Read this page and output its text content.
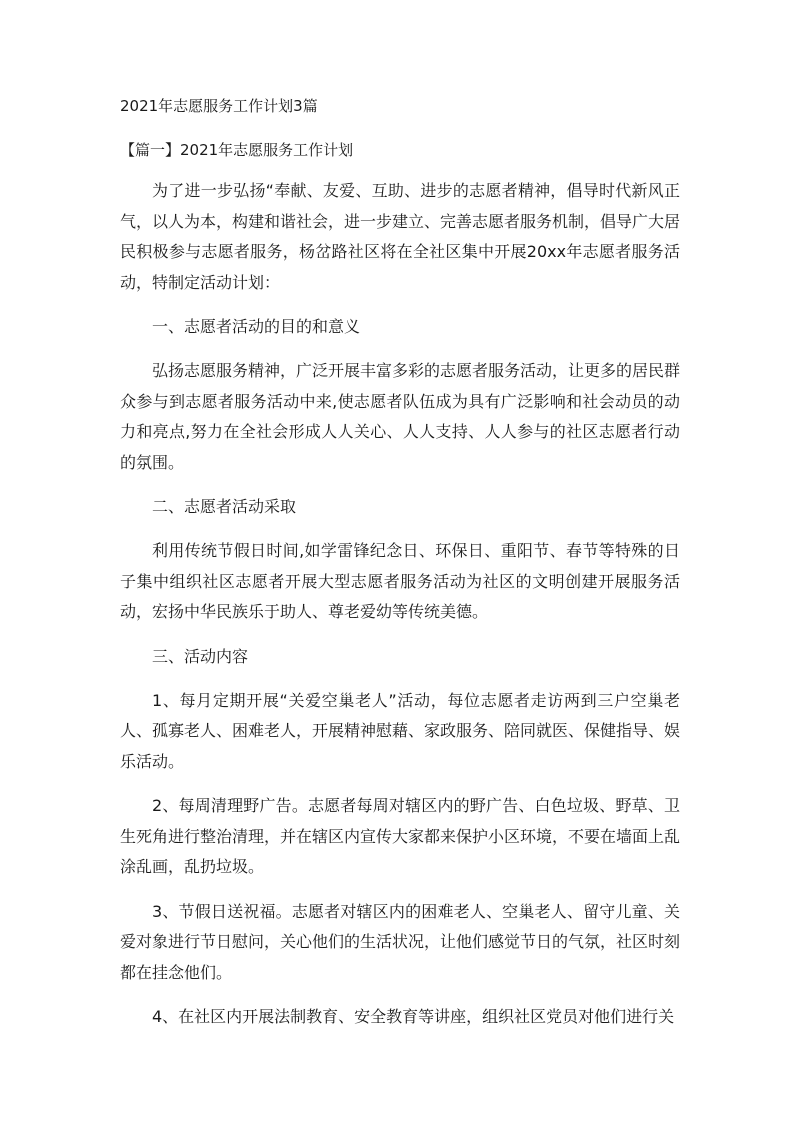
2021年志愿服务工作计划3篇

【篇一】2021年志愿服务工作计划

为了进一步弘扬“奉献、友爱、互助、进步的志愿者精神，倡导时代新风正气，以人为本，构建和谐社会，进一步建立、完善志愿者服务机制，倡导广大居民积极参与志愿者服务，杨岔路社区将在全社区集中开展20xx年志愿者服务活动，特制定活动计划：

一、志愿者活动的目的和意义

弘扬志愿服务精神，广泛开展丰富多彩的志愿者服务活动，让更多的居民群众参与到志愿者服务活动中来,使志愿者队伍成为具有广泛影响和社会动员的动力和亮点,努力在全社会形成人人关心、人人支持、人人参与的社区志愿者行动的氛围。

二、志愿者活动采取

利用传统节假日时间,如学雷锋纪念日、环保日、重阳节、春节等特殊的日子集中组织社区志愿者开展大型志愿者服务活动为社区的文明创建开展服务活动，宏扬中华民族乐于助人、尊老爱幼等传统美德。

三、活动内容

1、每月定期开展“关爱空巢老人”活动，每位志愿者走访两到三户空巢老人、孤寡老人、困难老人，开展精神慰藉、家政服务、陪同就医、保健指导、娱乐活动。

2、每周清理野广告。志愿者每周对辖区内的野广告、白色垃圾、野草、卫生死角进行整治清理，并在辖区内宣传大家都来保护小区环境，不要在墙面上乱涂乱画，乱扔垃圾。

3、节假日送祝福。志愿者对辖区内的困难老人、空巢老人、留守儿童、关爱对象进行节日慰问，关心他们的生活状况，让他们感觉节日的气氛，社区时刻都在挂念他们。

4、在社区内开展法制教育、安全教育等讲座，组织社区党员对他们进行关
